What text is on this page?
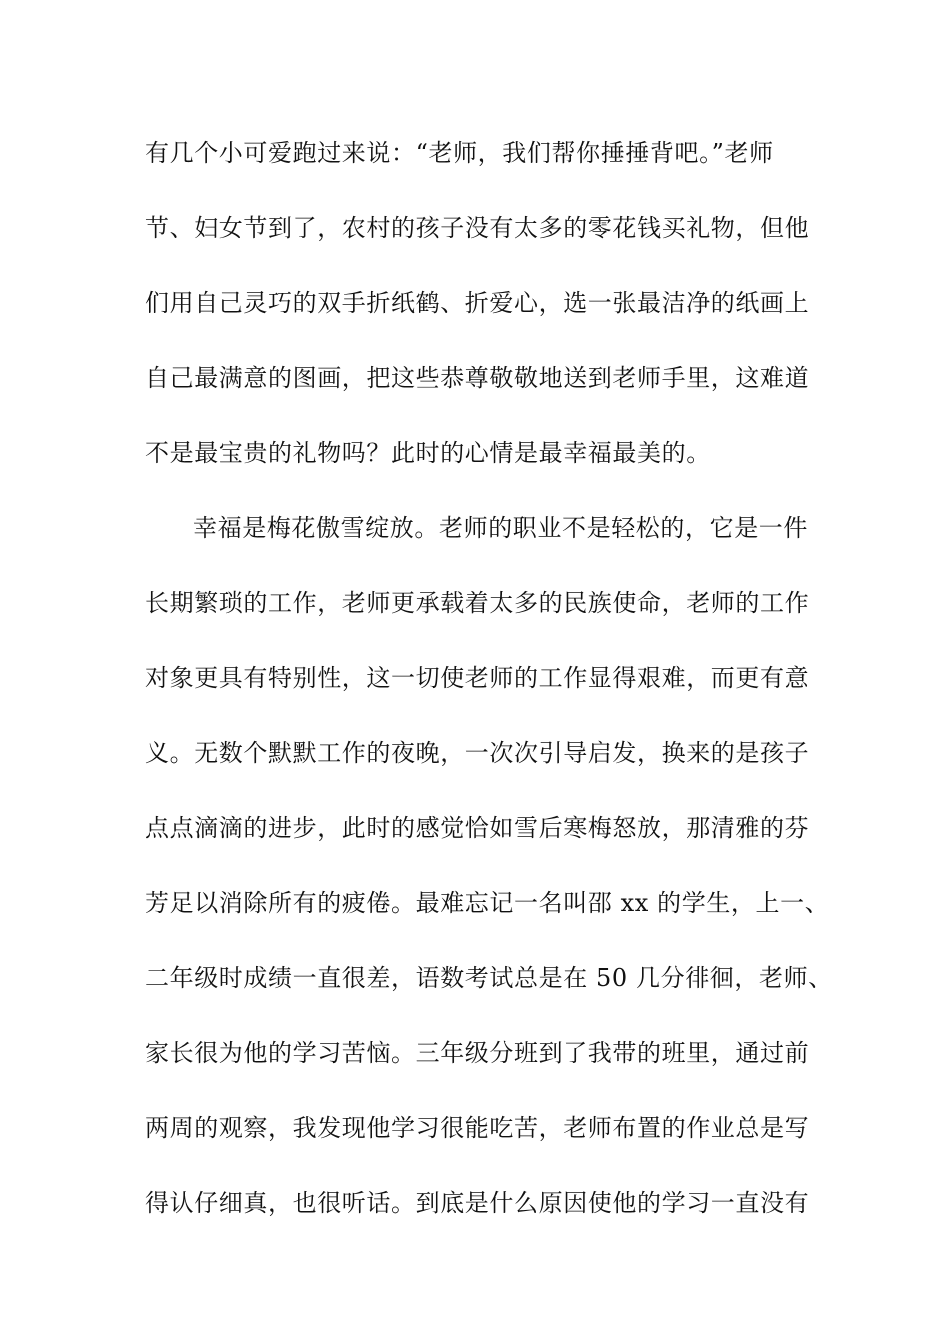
有几个小可爱跑过来说：“老师，我们帮你捶捶背吧。”老师
节、妇女节到了，农村的孩子没有太多的零花钱买礼物，但他
们用自己灵巧的双手折纸鹤、折爱心，选一张最洁净的纸画上
自己最满意的图画，把这些恭尊敬敬地送到老师手里，这难道
不是最宝贵的礼物吗？此时的心情是最幸福最美的。
幸福是梅花傲雪绽放。老师的职业不是轻松的，它是一件
长期繁琐的工作，老师更承载着太多的民族使命，老师的工作
对象更具有特别性，这一切使老师的工作显得艰难，而更有意
义。无数个默默工作的夜晚，一次次引导启发，换来的是孩子
点点滴滴的进步，此时的感觉恰如雪后寒梅怒放，那清雅的芬
芳足以消除所有的疲倦。最难忘记一名叫邵 xx 的学生，上一、
二年级时成绩一直很差，语数考试总是在 50 几分徘徊，老师、
家长很为他的学习苦恼。三年级分班到了我带的班里，通过前
两周的观察，我发现他学习很能吃苦，老师布置的作业总是写
得认仔细真，也很听话。到底是什么原因使他的学习一直没有
